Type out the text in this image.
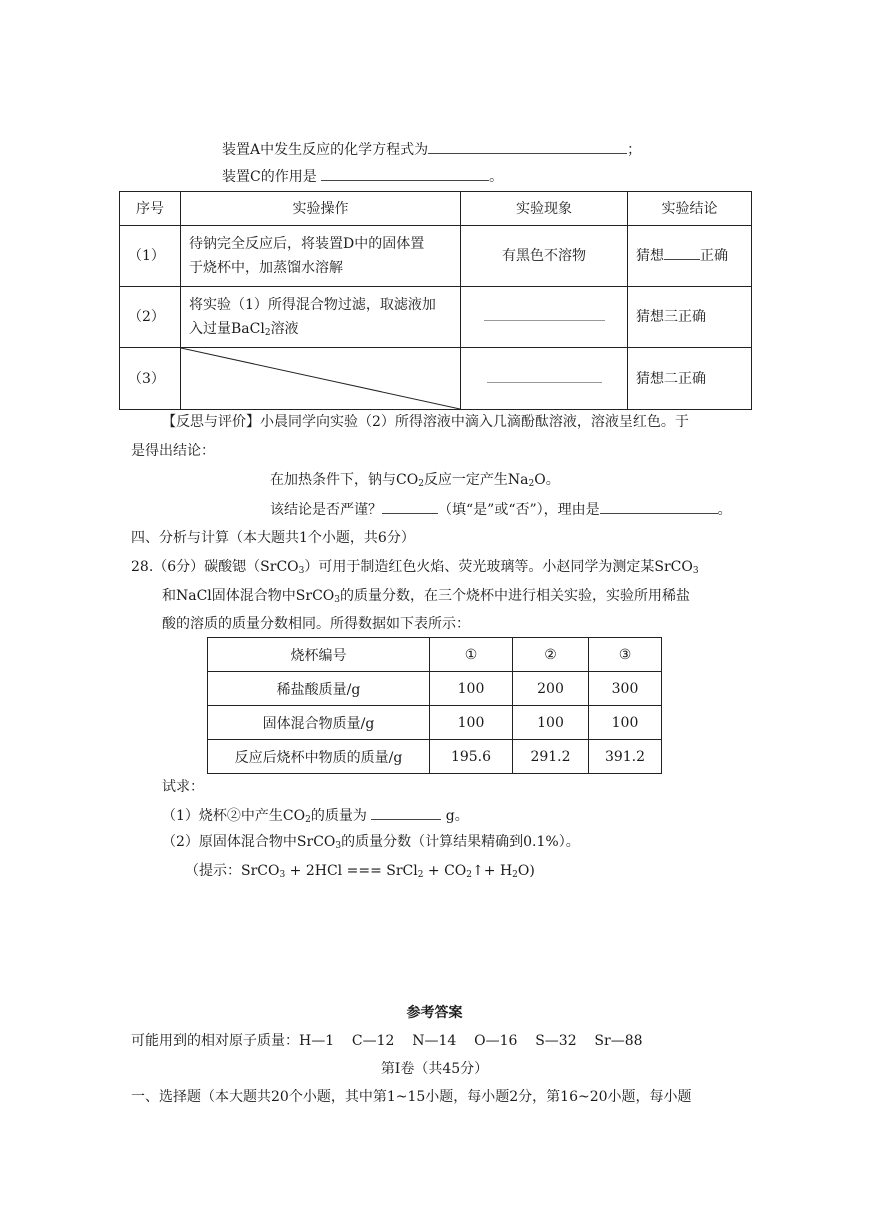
装置A中发生反应的化学方程式为	；
装置C的作用是	。
序号	实验操作	实验现象	实验结论
（1）	待钠完全反应后，将装置D中的固体置
于烧杯中，加蒸馏水溶解	有黑色不溶物	猜想 正确
（2）	将实验（1）所得混合物过滤，取滤液加
入过量BaCl$_2$溶液		猜想三正确
（3）			猜想二正确
【反思与评价】小晨同学向实验（2）所得溶液中滴入几滴酚酞溶液，溶液呈红色。于
是得出结论：
在加热条件下，钠与$CO_2$反应一定产生$Na_2O$。
该结论是否严谨？	（填“是”或“否”），理由是	。
四、分析与计算（本大题共1个小题，共6分）
28.（6分）碳酸锶（SrCO$_3$）可用于制造红色火焰、荧光玻璃等。小赵同学为测定某SrCO$_3$
和NaCl固体混合物中SrCO$_3$的质量分数，在三个烧杯中进行相关实验，实验所用稀盐
酸的溶质的质量分数相同。所得数据如下表所示：
烧杯编号	①	②	③
稀盐酸质量/g	100	200	300
固体混合物质量/g	100	100	100
反应后烧杯中物质的质量/g	195.6	291.2	391.2
试求：
（1）烧杯②中产生$CO_2$的质量为	g。
（2）原固体混合物中SrCO$_3$的质量分数（计算结果精确到0.1%）。
（提示：SrCO$_3$ + 2HCl === SrCl$_2$ + $CO_2↑+ H_2O$)
参考答案
可能用到的相对原子质量：H—1    C—12    N—14    O—16    S—32    Sr—88
第Ⅰ卷（共45分）
一、选择题（本大题共20个小题，其中第1~15小题，每小题2分，第16~20小题，每小题
